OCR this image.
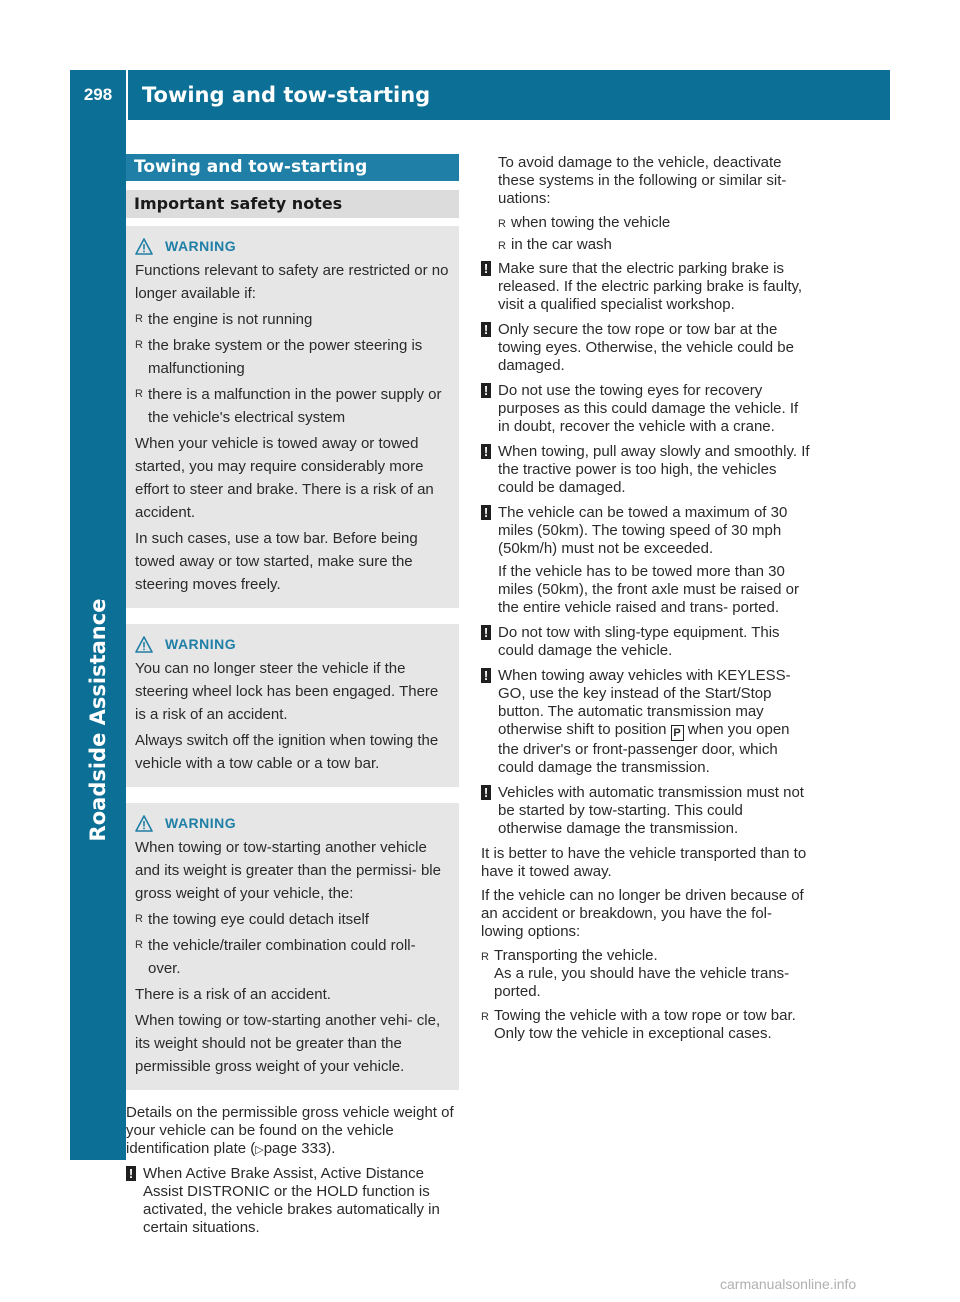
298	Towing and tow-starting
Roadside Assistance
Towing and tow-starting
Important safety notes
WARNING

Functions relevant to safety are restricted or no longer available if:

R the engine is not running
R the brake system or the power steering is malfunctioning
R there is a malfunction in the power supply or the vehicle's electrical system

When your vehicle is towed away or towed started, you may require considerably more effort to steer and brake. There is a risk of an accident.

In such cases, use a tow bar. Before being towed away or tow started, make sure the steering moves freely.

WARNING

You can no longer steer the vehicle if the steering wheel lock has been engaged. There is a risk of an accident.

Always switch off the ignition when towing the vehicle with a tow cable or a tow bar.

WARNING

When towing or tow-starting another vehicle and its weight is greater than the permissi- ble gross weight of your vehicle, the:

R the towing eye could detach itself
R the vehicle/trailer combination could roll- over.

There is a risk of an accident.

When towing or tow-starting another vehi- cle, its weight should not be greater than the permissible gross weight of your vehicle.

Details on the permissible gross vehicle weight of your vehicle can be found on the vehicle identification plate (▷page 333).

! When Active Brake Assist, Active Distance Assist DISTRONIC or the HOLD function is activated, the vehicle brakes automatically in certain situations.

To avoid damage to the vehicle, deactivate these systems in the following or similar sit- uations:

R when towing the vehicle
R in the car wash
! Make sure that the electric parking brake is released. If the electric parking brake is faulty, visit a qualified specialist workshop.

! Only secure the tow rope or tow bar at the towing eyes. Otherwise, the vehicle could be damaged.

! Do not use the towing eyes for recovery purposes as this could damage the vehicle. If in doubt, recover the vehicle with a crane.

! When towing, pull away slowly and smoothly. If the tractive power is too high, the vehicles could be damaged.

! The vehicle can be towed a maximum of 30 miles (50km). The towing speed of 30 mph (50km/h) must not be exceeded.

If the vehicle has to be towed more than 30 miles (50km), the front axle must be raised or the entire vehicle raised and trans- ported.

! Do not tow with sling-type equipment. This could damage the vehicle.

! When towing away vehicles with KEYLESS- GO, use the key instead of the Start/Stop button. The automatic transmission may otherwise shift to position P when you open the driver's or front-passenger door, which could damage the transmission.

! Vehicles with automatic transmission must not be started by tow-starting. This could otherwise damage the transmission.

It is better to have the vehicle transported than to have it towed away.

If the vehicle can no longer be driven because of an accident or breakdown, you have the fol- lowing options:

R Transporting the vehicle.

As a rule, you should have the vehicle trans- ported.

R Towing the vehicle with a tow rope or tow bar.

Only tow the vehicle in exceptional cases.

carmanualsonline.info
